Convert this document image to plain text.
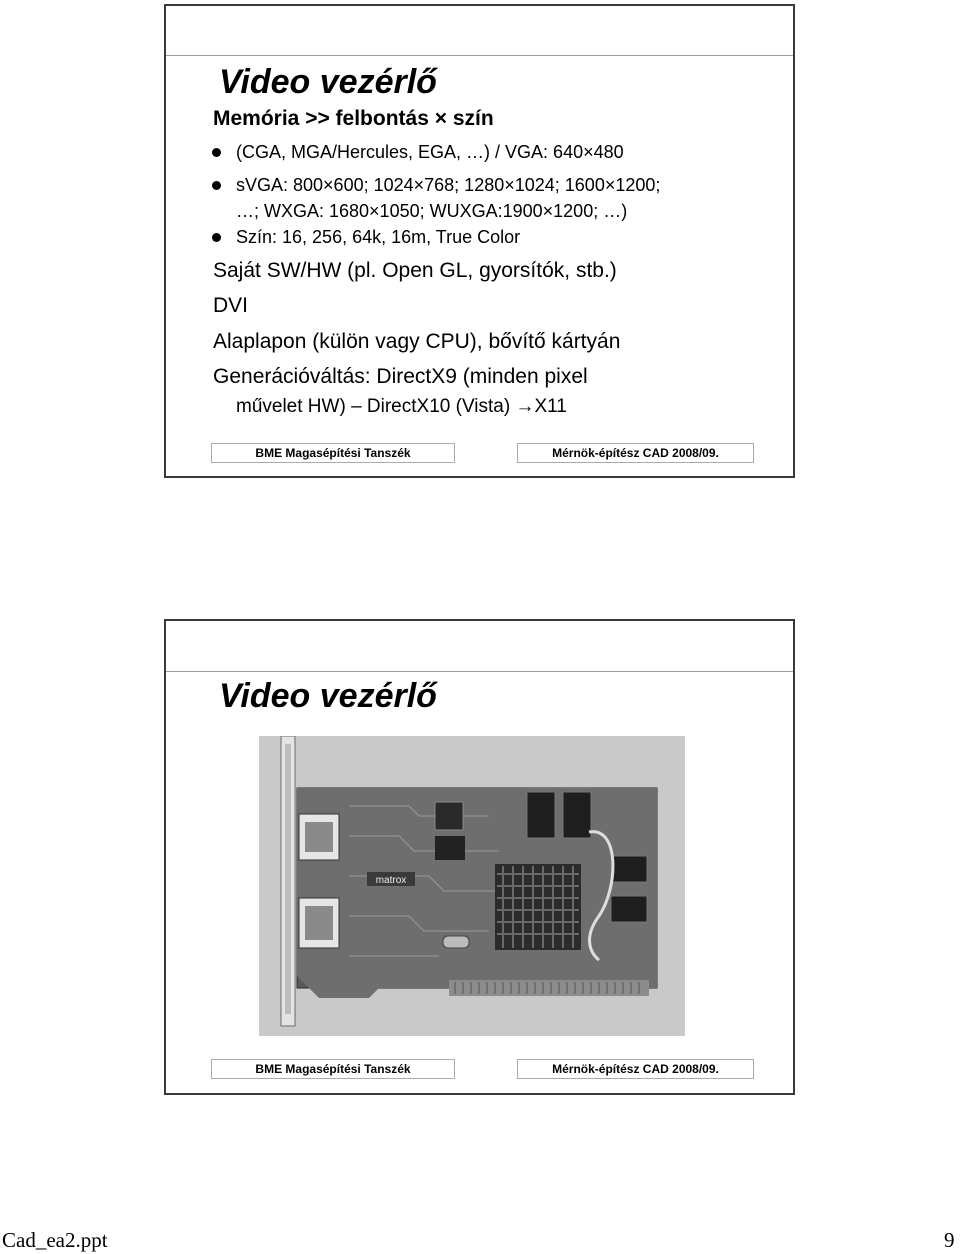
Video vezérlő
Memória >> felbontás × szín
(CGA, MGA/Hercules, EGA, …) / VGA: 640×480
sVGA: 800×600; 1024×768; 1280×1024; 1600×1200;
…; WXGA: 1680×1050; WUXGA:1900×1200; …)
Szín: 16, 256, 64k, 16m, True Color
Saját SW/HW (pl. Open GL, gyorsítók, stb.)
DVI
Alaplapon (külön vagy CPU), bővítő kártyán
Generációváltás: DirectX9 (minden pixel
művelet HW) – DirectX10 (Vista) →X11
BME Magasépítési Tanszék	Mérnök-építész CAD 2008/09.
Video vezérlő
matrox
BME Magasépítési Tanszék	Mérnök-építész CAD 2008/09.
Cad_ea2.ppt	9
